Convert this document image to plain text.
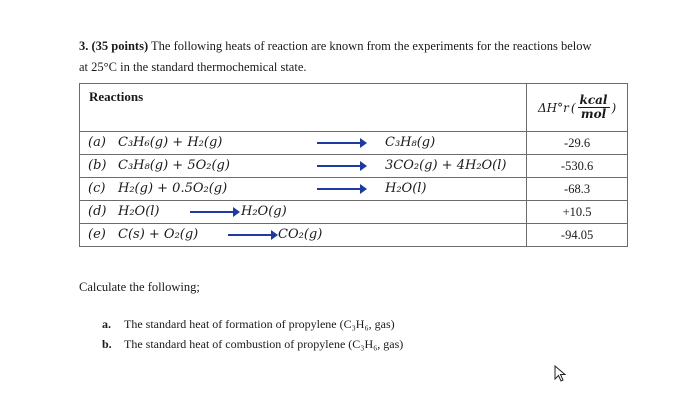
3. (35 points) The following heats of reaction are known from the experiments for the reactions below
at 25°C in the standard thermochemical state.
Reactions	ΔH°r ( $\frac{\text{kcal}}{\text{mol}}$ )

(a) C₃H₆(g) + H₂(g) C₃H₈(g)	-29.6

(b) C₃H₈(g) + 5O₂(g) 3CO₂(g) + 4H₂O(l)	-530.6

(c) H₂(g) + 0.5O₂(g) H₂O(l)	-68.3

(d) H₂O(l) → H₂O(g)	+10.5

(e) C(s) + O₂(g) → CO₂(g)	-94.05
Calculate the following;
a. The standard heat of formation of propylene (C₃H₆, gas)
b. The standard heat of combustion of propylene (C₃H₆, gas)
